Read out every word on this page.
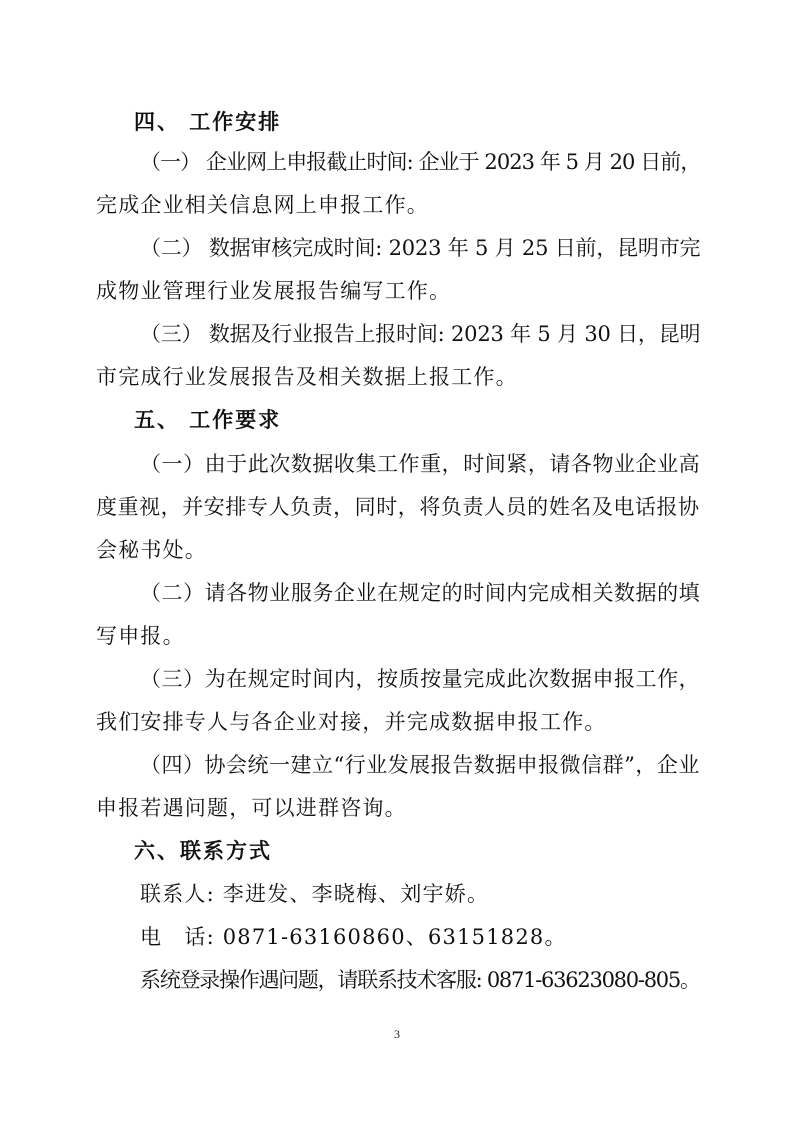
四、 工作安排
（一） 企业网上申报截止时间: 企业于 2023 年 5 月 20 日前，
完成企业相关信息网上申报工作。
（二） 数据审核完成时间: 2023 年 5 月 25 日前，昆明市完
成物业管理行业发展报告编写工作。
（三） 数据及行业报告上报时间: 2023 年 5 月 30 日，昆明
市完成行业发展报告及相关数据上报工作。
五、 工作要求
（一）由于此次数据收集工作重，时间紧，请各物业企业高
度重视，并安排专人负责，同时，将负责人员的姓名及电话报协
会秘书处。
（二）请各物业服务企业在规定的时间内完成相关数据的填
写申报。
（三）为在规定时间内，按质按量完成此次数据申报工作，
我们安排专人与各企业对接，并完成数据申报工作。
（四）协会统一建立“行业发展报告数据申报微信群”，企业
申报若遇问题，可以进群咨询。
六、联系方式
联系人: 李进发、李晓梅、刘宇娇。
电　话: 0871-63160860、63151828。
系统登录操作遇问题，请联系技术客服: 0871-63623080-805。
3
